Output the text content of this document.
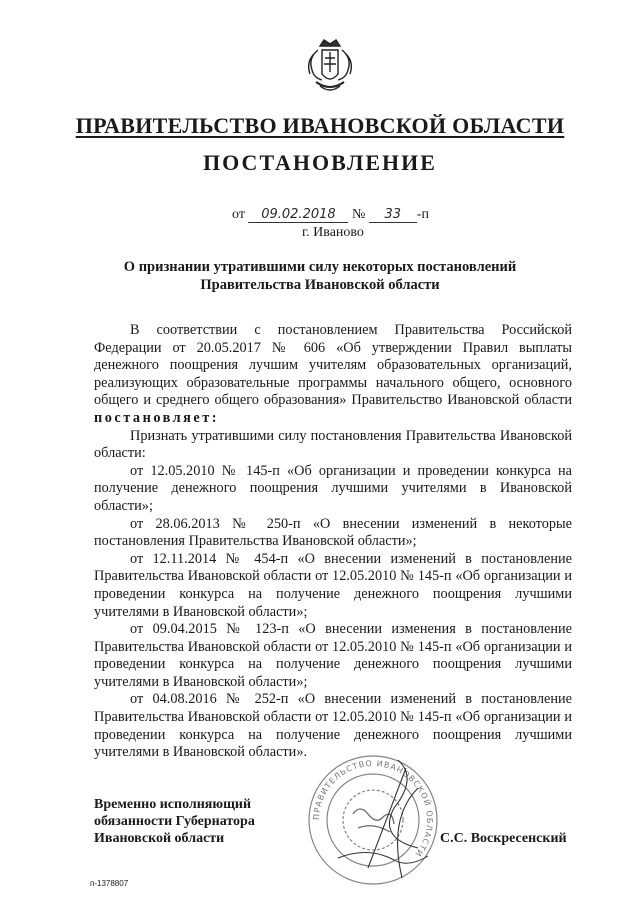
ПРАВИТЕЛЬСТВО ИВАНОВСКОЙ ОБЛАСТИ
ПОСТАНОВЛЕНИЕ
от 09.02.2018 № 33 -п
г. Иваново
О признании утратившими силу некоторых постановлений Правительства Ивановской области

В соответствии с постановлением Правительства Российской Федерации от 20.05.2017 № 606 «Об утверждении Правил выплаты денежного поощрения лучшим учителям образовательных организаций, реализующих образовательные программы начального общего, основного общего и среднего общего образования» Правительство Ивановской области постановляет:

Признать утратившими силу постановления Правительства Ивановской области:

от 12.05.2010 № 145-п «Об организации и проведении конкурса на получение денежного поощрения лучшими учителями в Ивановской области»;

от 28.06.2013 № 250-п «О внесении изменений в некоторые постановления Правительства Ивановской области»;

от 12.11.2014 № 454-п «О внесении изменений в постановление Правительства Ивановской области от 12.05.2010 № 145-п «Об организации и проведении конкурса на получение денежного поощрения лучшими учителями в Ивановской области»;

от 09.04.2015 № 123-п «О внесении изменения в постановление Правительства Ивановской области от 12.05.2010 № 145-п «Об организации и проведении конкурса на получение денежного поощрения лучшими учителями в Ивановской области»;

от 04.08.2016 № 252-п «О внесении изменений в постановление Правительства Ивановской области от 12.05.2010 № 145-п «Об организации и проведении конкурса на получение денежного поощрения лучшими учителями в Ивановской области».

Временно исполняющий
обязанности Губернатора
Ивановской области
ПРАВИТЕЛЬСТВО ИВАНОВСКОЙ ОБЛАСТИ
С.С. Воскресенский
п-1378807
